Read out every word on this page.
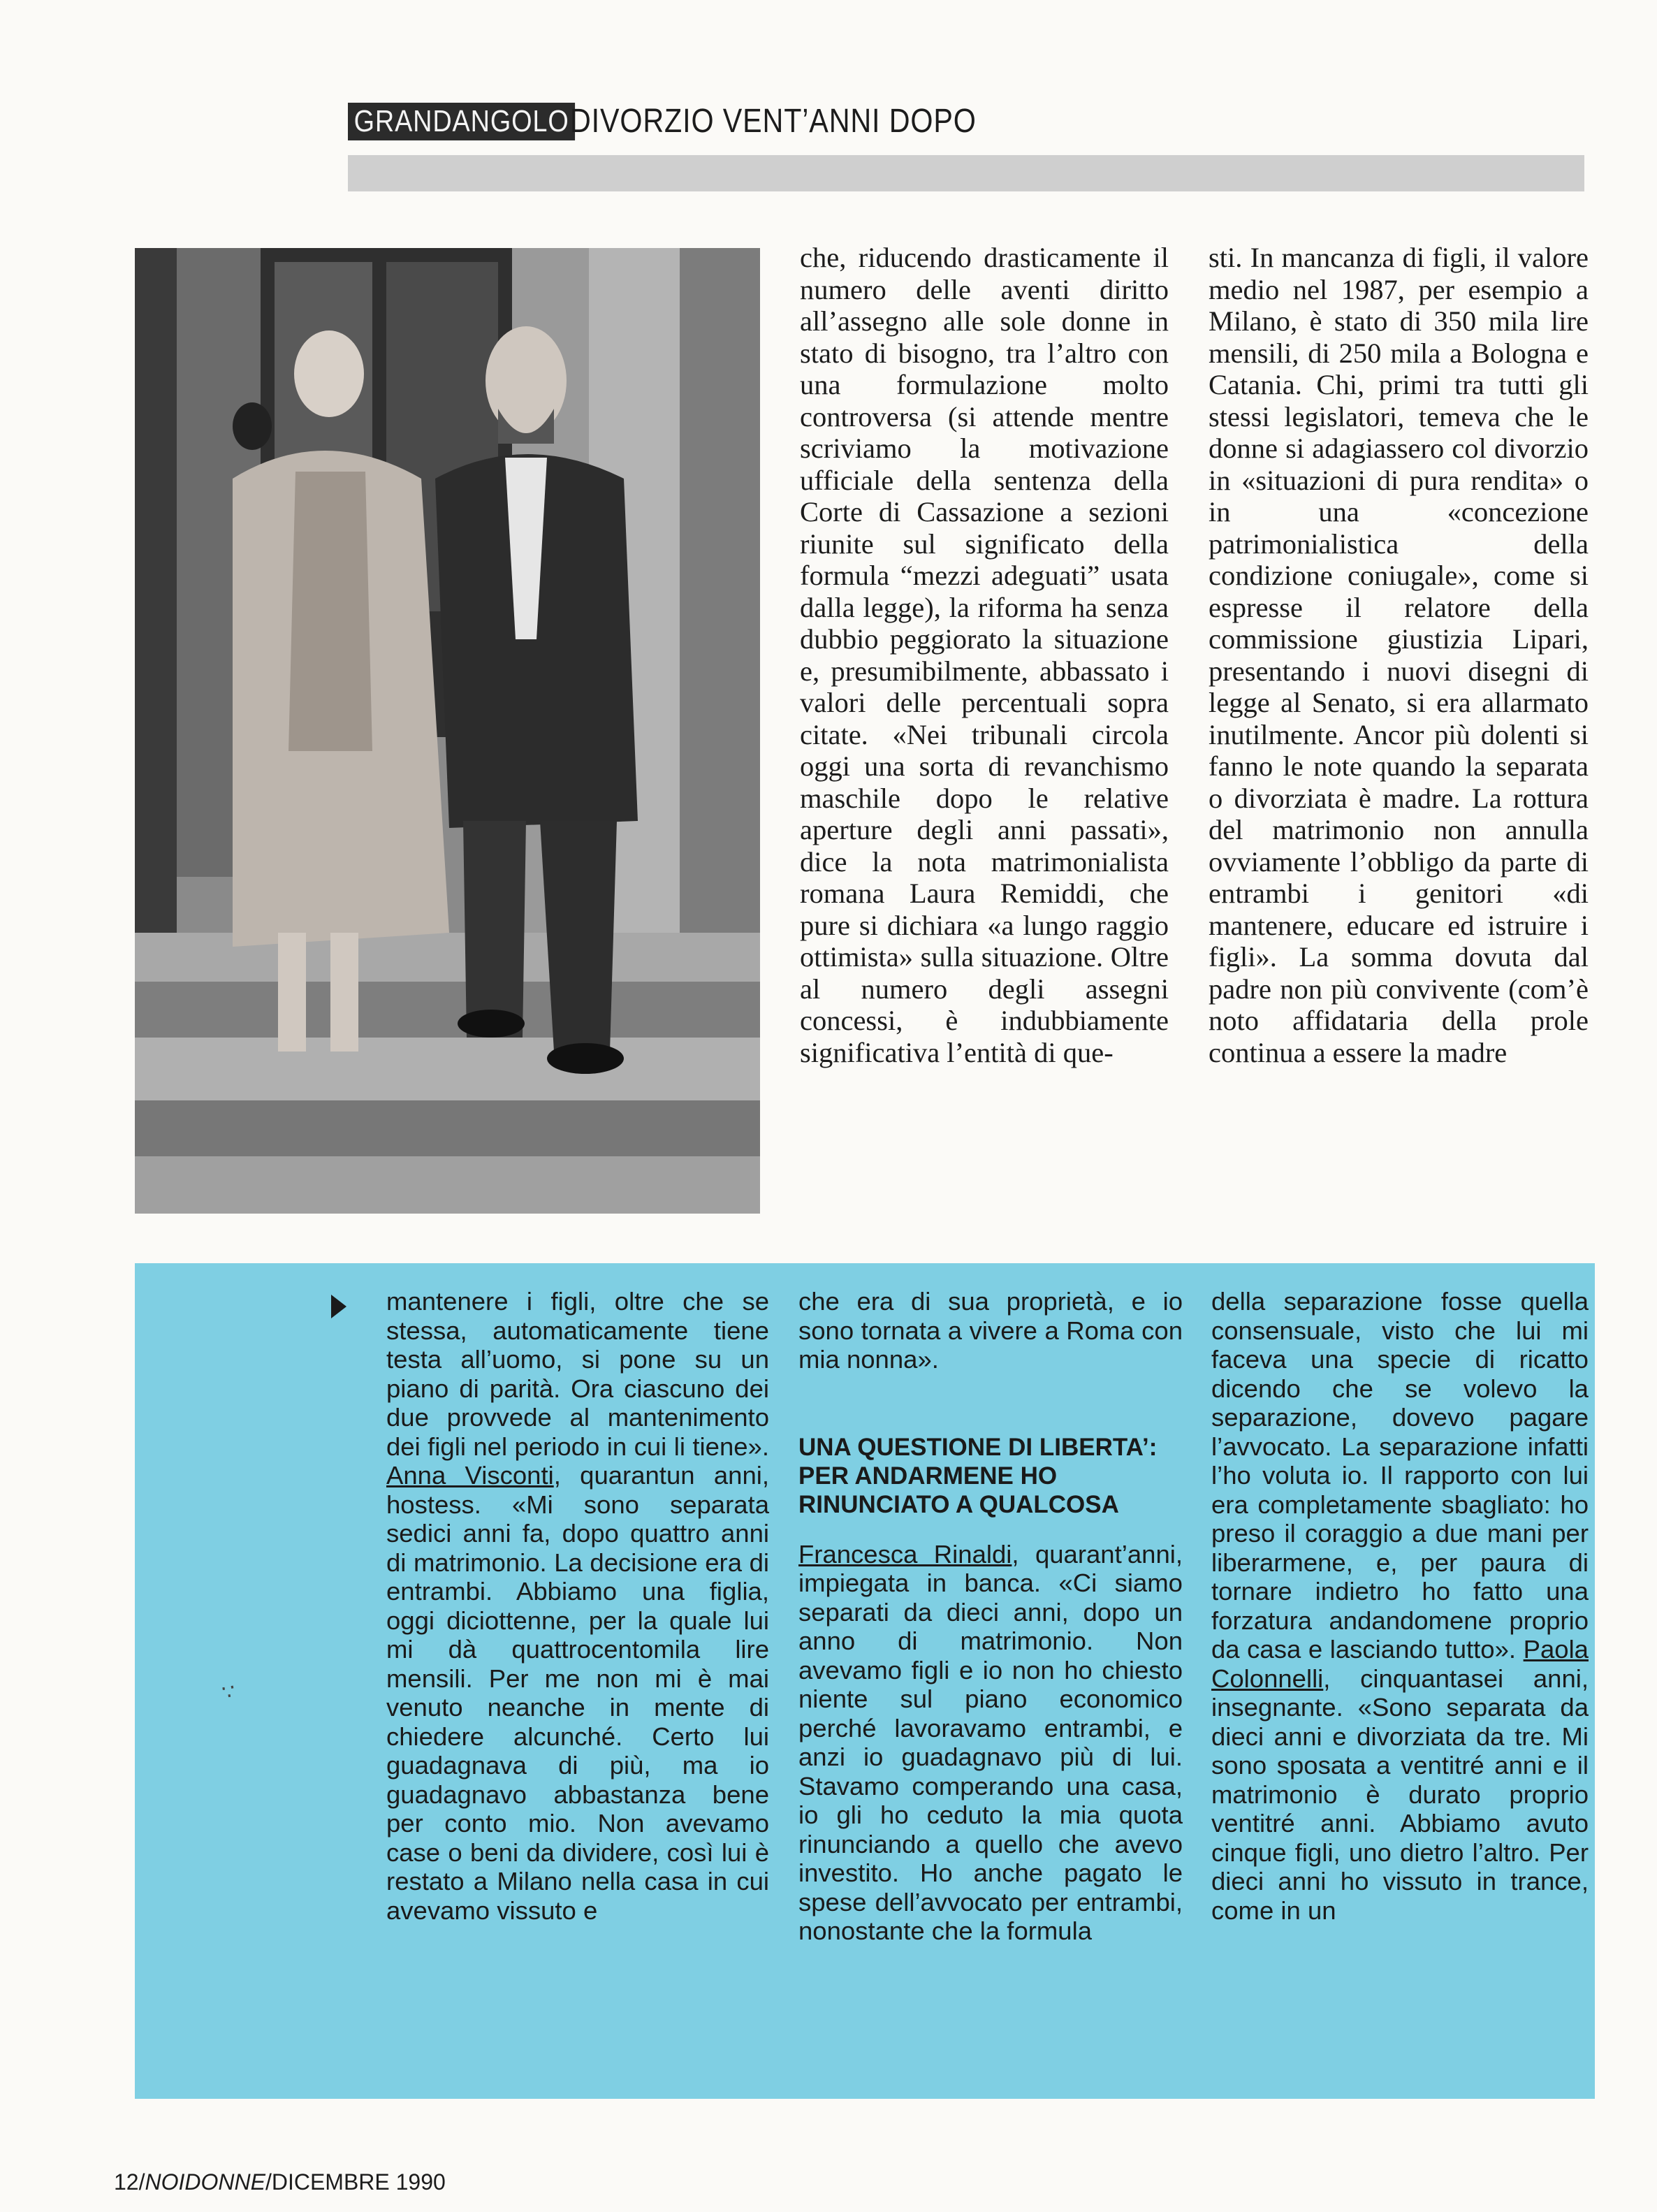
GRANDANGOLO DIVORZIO VENT’ANNI DOPO

che, riducendo drasticamente il numero delle aventi diritto all’assegno alle sole donne in stato di bisogno, tra l’altro con una formulazione molto controversa (si attende mentre scriviamo la motivazione ufficiale della sentenza della Corte di Cassazione a sezioni riunite sul significato della formula “mezzi adeguati” usata dalla legge), la riforma ha senza dubbio peggiorato la situazione e, presumibilmente, abbassato i valori delle percentuali sopra citate. «Nei tribunali circola oggi una sorta di revanchismo maschile dopo le relative aperture degli anni passati», dice la nota matrimonialista romana Laura Remiddi, che pure si dichiara «a lungo raggio ottimista» sulla situazione. Oltre al numero degli assegni concessi, è indubbiamente significativa l’entità di que-

sti. In mancanza di figli, il valore medio nel 1987, per esempio a Milano, è stato di 350 mila lire mensili, di 250 mila a Bologna e Catania. Chi, primi tra tutti gli stessi legislatori, temeva che le donne si adagiassero col divorzio in «situazioni di pura rendita» o in una «concezione patrimonialistica della condizione coniugale», come si espresse il relatore della commissione giustizia Lipari, presentando i nuovi disegni di legge al Senato, si era allarmato inutilmente. Ancor più dolenti si fanno le note quando la separata o divorziata è madre. La rottura del matrimonio non annulla ovviamente l’obbligo da parte di entrambi i genitori «di mantenere, educare ed istruire i figli». La somma dovuta dal padre non più convivente (com’è noto affidataria della prole continua a essere la madre

∵

mantenere i figli, oltre che se stessa, automaticamente tiene testa all’uomo, si pone su un piano di parità. Ora ciascuno dei due provvede al mantenimento dei figli nel periodo in cui li tiene». Anna Visconti, quarantun anni, hostess. «Mi sono separata sedici anni fa, dopo quattro anni di matrimonio. La decisione era di entrambi. Abbiamo una figlia, oggi diciottenne, per la quale lui mi dà quattrocentomila lire mensili. Per me non mi è mai venuto neanche in mente di chiedere alcunché. Certo lui guadagnava di più, ma io guadagnavo abbastanza bene per conto mio. Non avevamo case o beni da dividere, così lui è restato a Milano nella casa in cui avevamo vissuto e

che era di sua proprietà, e io sono tornata a vivere a Roma con mia nonna».

UNA QUESTIONE DI LIBERTA’: PER ANDARMENE HO RINUNCIATO A QUALCOSA

Francesca Rinaldi, quarant’anni, impiegata in banca. «Ci siamo separati da dieci anni, dopo un anno di matrimonio. Non avevamo figli e io non ho chiesto niente sul piano economico perché lavoravamo entrambi, e anzi io guadagnavo più di lui. Stavamo comperando una casa, io gli ho ceduto la mia quota rinunciando a quello che avevo investito. Ho anche pagato le spese dell’avvocato per entrambi, nonostante che la formula

della separazione fosse quella consensuale, visto che lui mi faceva una specie di ricatto dicendo che se volevo la separazione, dovevo pagare l’avvocato. La separazione infatti l’ho voluta io. Il rapporto con lui era completamente sbagliato: ho preso il coraggio a due mani per liberarmene, e, per paura di tornare indietro ho fatto una forzatura andandomene proprio da casa e lasciando tutto». Paola Colonnelli, cinquantasei anni, insegnante. «Sono separata da dieci anni e divorziata da tre. Mi sono sposata a ventitré anni e il matrimonio è durato proprio ventitré anni. Abbiamo avuto cinque figli, uno dietro l’altro. Per dieci anni ho vissuto in trance, come in un

12/NOIDONNE/DICEMBRE 1990
